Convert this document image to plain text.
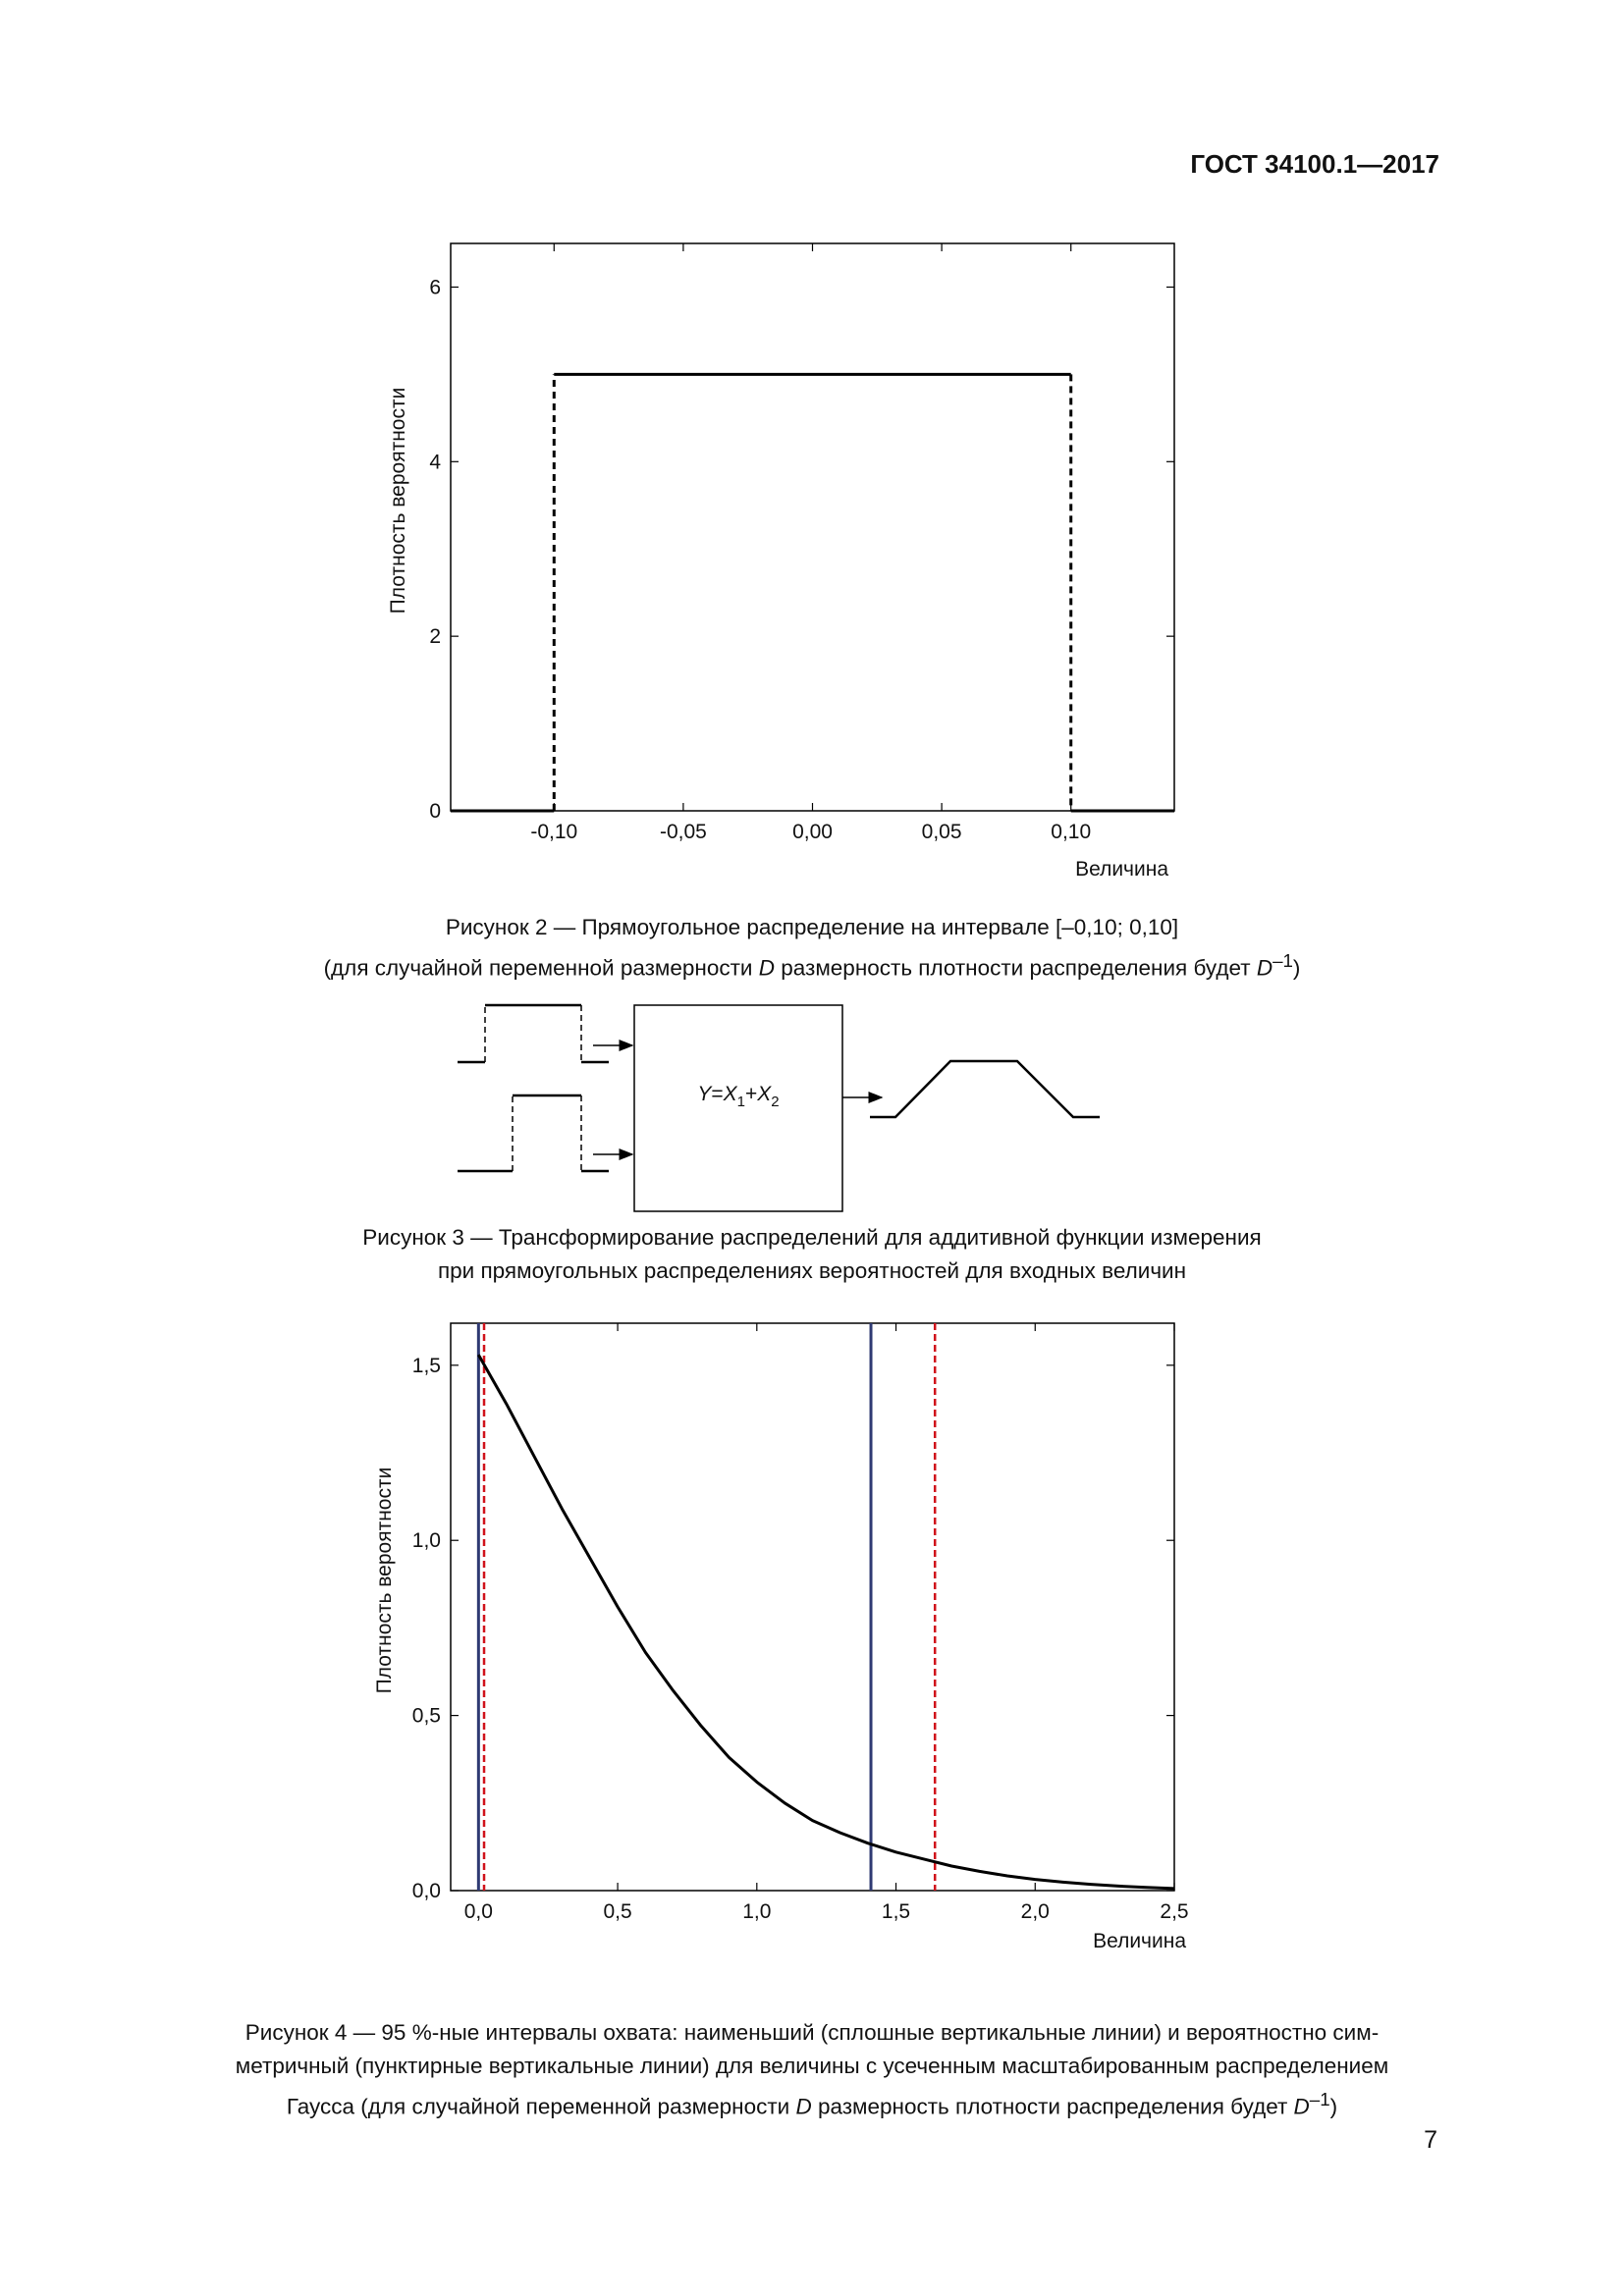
ГОСТ 34100.1—2017
-0,10	-0,05	0,00	0,05	0,10
0
2
4
6
Плотность вероятности
Величина
Рисунок 2 — Прямоугольное распределение на интервале [–0,10; 0,10]
(для случайной переменной размерности D размерность плотности распределения будет $D^{-1}$)
$Y=X_1+X_2$
Рисунок 3 — Трансформирование распределений для аддитивной функции измерения
при прямоугольных распределениях вероятностей для входных величин
0,0	0,5	1,0	1,5	2,0	2,5
0,0
0,5
1,0
1,5
Плотность вероятности
Величина
Рисунок 4 — 95 %-ные интервалы охвата: наименьший (сплошные вертикальные линии) и вероятностно сим-
метричный (пунктирные вертикальные линии) для величины с усеченным масштабированным распределением
Гаусса (для случайной переменной размерности D размерность плотности распределения будет $D^{-1}$)
7
